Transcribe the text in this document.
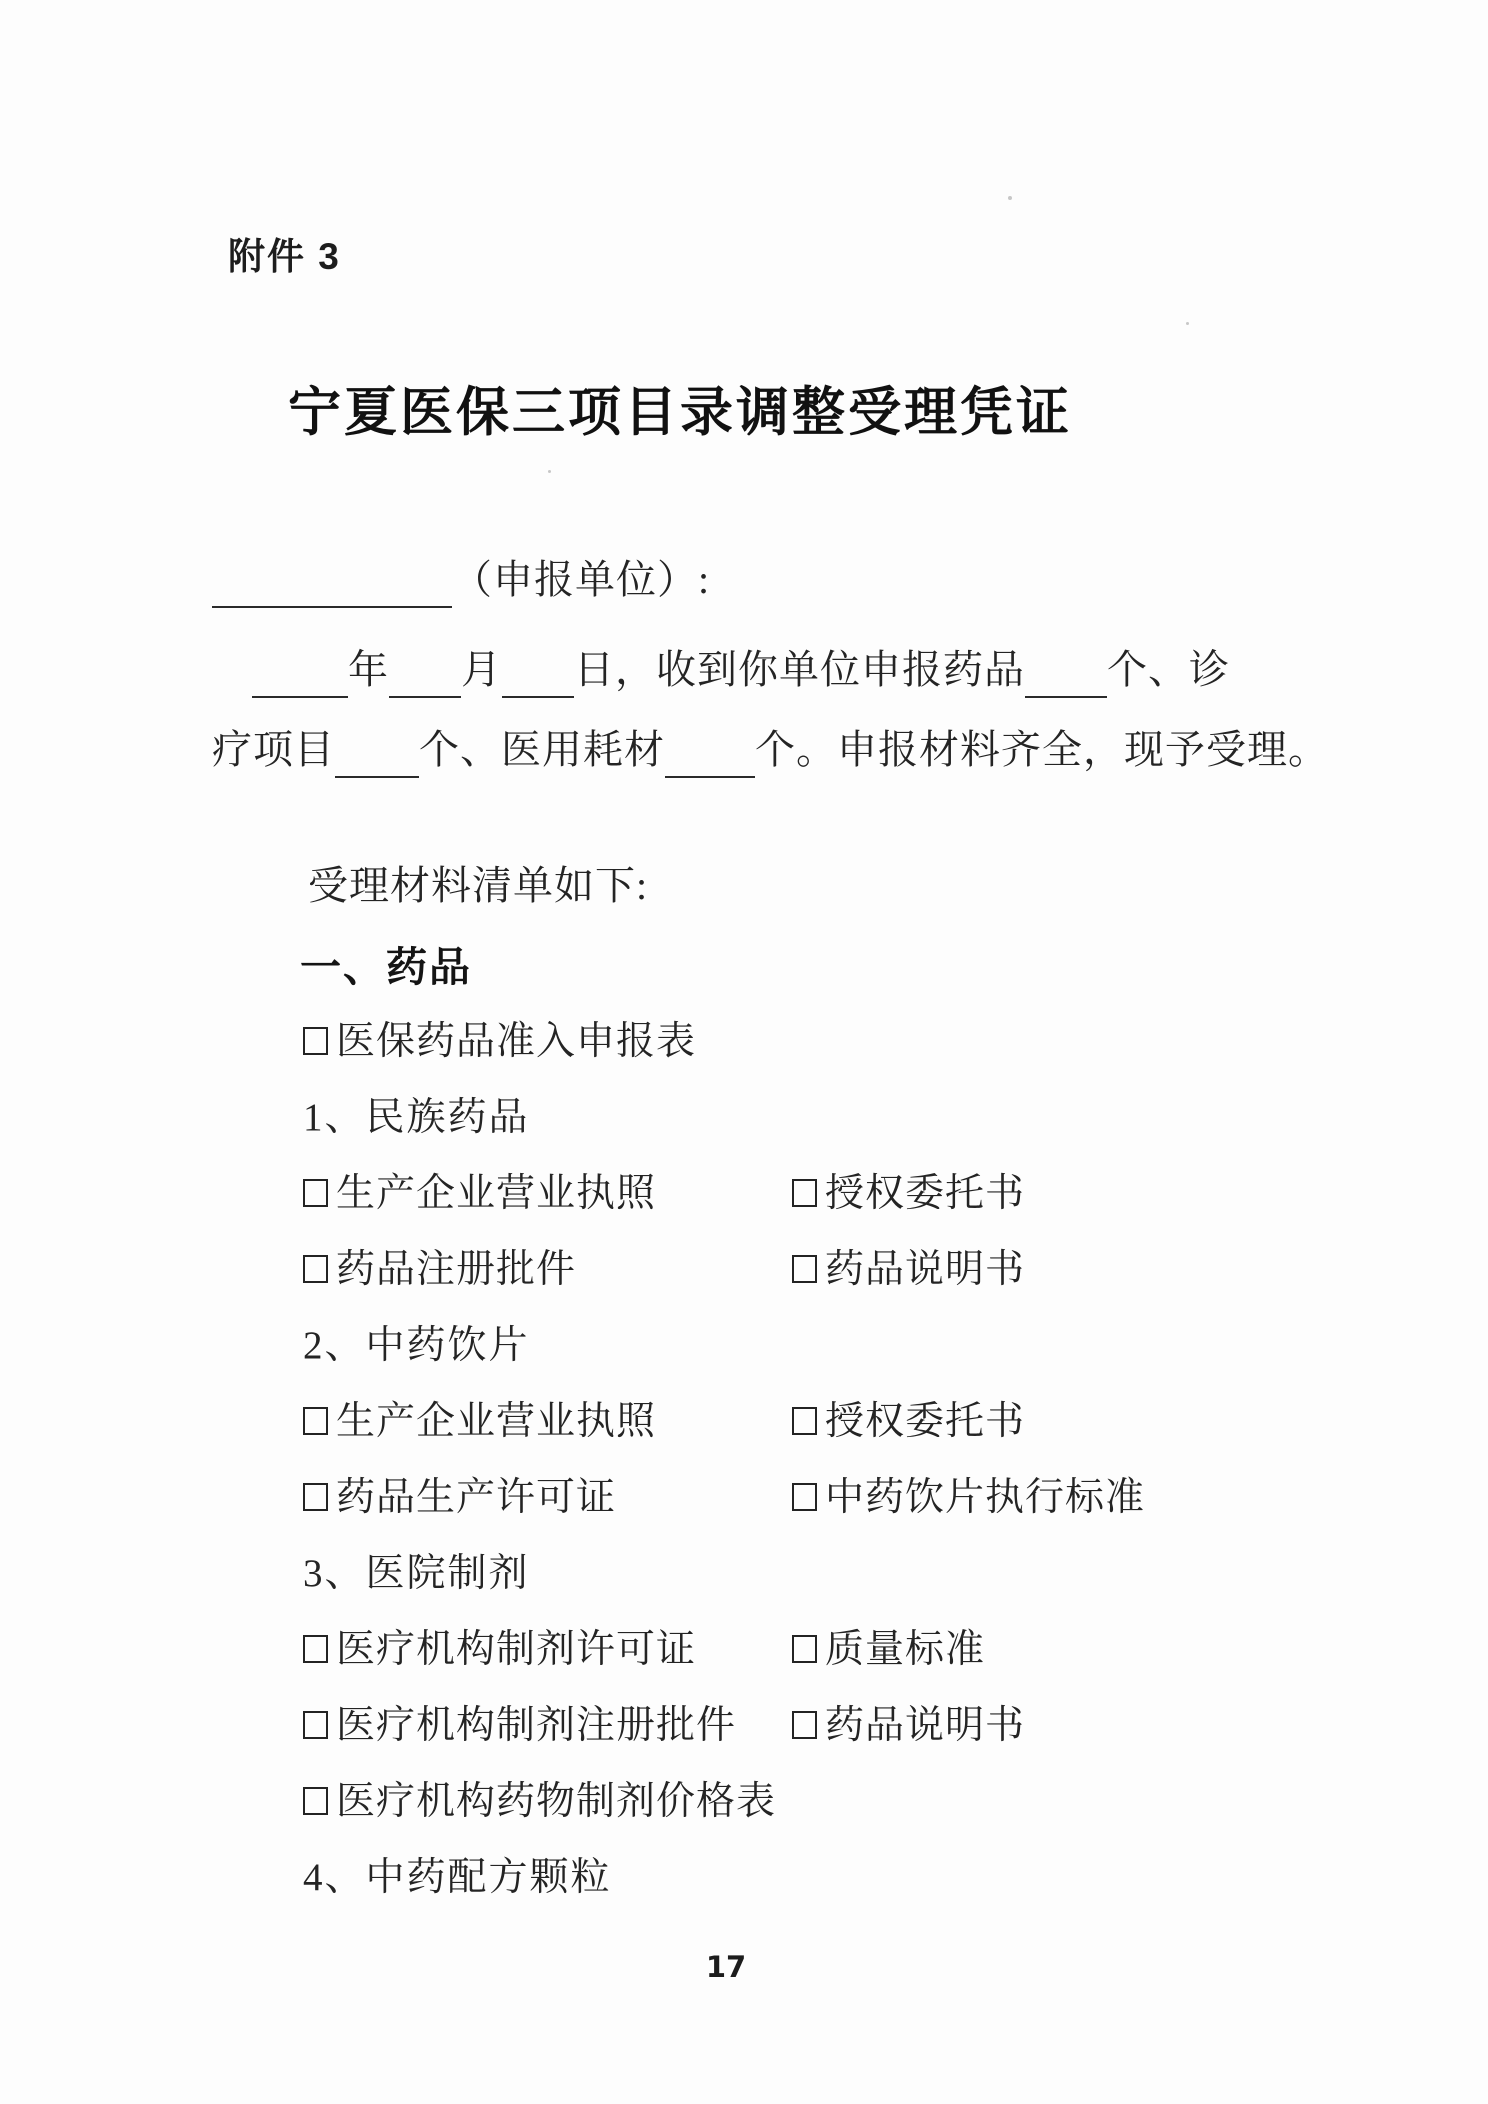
附件 3
宁夏医保三项目录调整受理凭证
（申报单位）:
年 月 日，收到你单位申报药品 个、诊
疗项目 个、医用耗材 个。申报材料齐全，现予受理。
受理材料清单如下:
一、药品
医保药品准入申报表
1、民族药品
生产企业营业执照	授权委托书
药品注册批件	药品说明书
2、中药饮片
生产企业营业执照	授权委托书
药品生产许可证	中药饮片执行标准
3、医院制剂
医疗机构制剂许可证	质量标准
医疗机构制剂注册批件	药品说明书
医疗机构药物制剂价格表
4、中药配方颗粒
17
